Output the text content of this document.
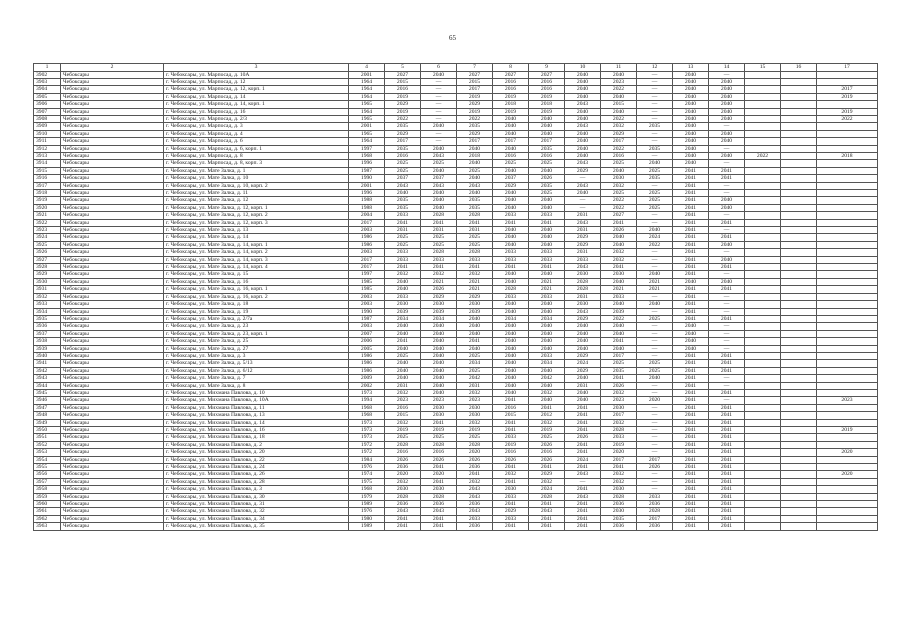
65
1	2	3	4	5	6	7	8	9	10	11	12	13	14	15	16	17
3902	Чебоксары	г. Чебоксары, ул. Марпосад, д. 10А	2001	2027	2040	2027	2027	2027	2040	2040	—	2040	—			
3903	Чебоксары	г. Чебоксары, ул. Марпосад, д. 12	1964	2015	—	2015	2016	2016	2040	2023	—	2040	2040			
3904	Чебоксары	г. Чебоксары, ул. Марпосад, д. 12, корп. 1	1964	2016	—	2017	2016	2016	2040	2022	—	2040	2040			2017
3905	Чебоксары	г. Чебоксары, ул. Марпосад, д. 14	1964	2019	—	2019	2019	2019	2040	2040	—	2040	2040			2019
3906	Чебоксары	г. Чебоксары, ул. Марпосад, д. 14, корп. 1	1965	2029	—	2029	2018	2018	2043	2015	—	2040	2040			
3907	Чебоксары	г. Чебоксары, ул. Марпосад, д. 16	1964	2019	—	2019	2019	2019	2040	2040	—	2040	2040			2019
3908	Чебоксары	г. Чебоксары, ул. Марпосад, д. 2/3	1965	2022	—	2022	2040	2040	2040	2022	—	2040	2040			2022
3909	Чебоксары	г. Чебоксары, ул. Марпосад, д. 3	2001	2035	2040	2035	2040	2040	2043	2032	2035	2040	—			
3910	Чебоксары	г. Чебоксары, ул. Марпосад, д. 4	1965	2029	—	2029	2040	2040	2040	2029	—	2040	2040			
3911	Чебоксары	г. Чебоксары, ул. Марпосад, д. 6	1964	2017	—	2017	2017	2017	2040	2017	—	2040	2040			
3912	Чебоксары	г. Чебоксары, ул. Марпосад, д. 6, корп. 1	1997	2035	2040	2040	2040	2035	2040	2022	2035	2040	—			
3913	Чебоксары	г. Чебоксары, ул. Марпосад, д. 8	1968	2016	2043	2018	2016	2016	2040	2016	—	2040	2040	2022		2018
3914	Чебоксары	г. Чебоксары, ул. Марпосад, д. 8, корп. 3	1996	2025	2025	2040	2025	2025	2043	2025	2040	2040	—			
3915	Чебоксары	г. Чебоксары, ул. Мате Залка, д. 1	1987	2025	2040	2025	2040	2040	2029	2040	2025	2041	2041			
3916	Чебоксары	г. Чебоксары, ул. Мате Залка, д. 10	1990	2037	2037	2040	2037	2026	—	2030	2035	2041	2041			
3917	Чебоксары	г. Чебоксары, ул. Мате Залка, д. 10, корп. 2	2001	2043	2043	2043	2029	2035	2043	2032	—	2041	—			
3918	Чебоксары	г. Чебоксары, ул. Мате Залка, д. 11	1996	2040	2040	2040	2040	2025	2040	2025	2025	2041	—			
3919	Чебоксары	г. Чебоксары, ул. Мате Залка, д. 12	1988	2035	2040	2035	2040	2040	—	2022	2025	2041	2040			
3920	Чебоксары	г. Чебоксары, ул. Мате Залка, д. 12, корп. 1	1988	2035	2040	2035	2040	2040	—	2022	2025	2041	2040			
3921	Чебоксары	г. Чебоксары, ул. Мате Залка, д. 12, корп. 2	2004	2033	2028	2028	2033	2033	2031	2027	—	2041	—			
3922	Чебоксары	г. Чебоксары, ул. Мате Залка, д. 12, корп. 3	2017	2041	2041	2041	2041	2041	2043	2041	—	2041	2041			
3923	Чебоксары	г. Чебоксары, ул. Мате Залка, д. 13	2003	2031	2031	2031	2040	2040	2031	2026	2040	2041	—			
3924	Чебоксары	г. Чебоксары, ул. Мате Залка, д. 14	1986	2025	2025	2025	2040	2040	2029	2040	2024	2041	2041			
3925	Чебоксары	г. Чебоксары, ул. Мате Залка, д. 14, корп. 1	1986	2025	2025	2025	2040	2040	2029	2040	2022	2041	2040			
3926	Чебоксары	г. Чебоксары, ул. Мате Залка, д. 14, корп. 2	2003	2033	2028	2028	2033	2033	2031	2032	—	2041	—			
3927	Чебоксары	г. Чебоксары, ул. Мате Залка, д. 14, корп. 3	2017	2033	2033	2033	2033	2033	2033	2032	—	2041	2040			
3928	Чебоксары	г. Чебоксары, ул. Мате Залка, д. 14, корп. 4	2017	2041	2041	2041	2041	2041	2043	2041	—	2041	2041			
3929	Чебоксары	г. Чебоксары, ул. Мате Залка, д. 15	1997	2032	2032	2032	2040	2040	2030	2030	2040	2041	—			
3930	Чебоксары	г. Чебоксары, ул. Мате Залка, д. 16	1985	2040	2021	2021	2040	2021	2028	2040	2021	2040	2040			
3931	Чебоксары	г. Чебоксары, ул. Мате Залка, д. 16, корп. 1	1985	2040	2026	2021	2028	2021	2028	2021	2021	2041	2041			
3932	Чебоксары	г. Чебоксары, ул. Мате Залка, д. 16, корп. 2	2003	2033	2029	2029	2033	2033	2031	2033	—	2041	—			
3933	Чебоксары	г. Чебоксары, ул. Мате Залка, д. 18	2003	2030	2030	2030	2040	2040	2030	2040	2040	2041	—			
3934	Чебоксары	г. Чебоксары, ул. Мате Залка, д. 19	1990	2039	2039	2039	2040	2040	2043	2039	—	2041	—			
3935	Чебоксары	г. Чебоксары, ул. Мате Залка, д. 2/7а	1987	2034	2034	2040	2034	2034	2029	2022	2025	2041	2041			
3936	Чебоксары	г. Чебоксары, ул. Мате Залка, д. 23	2003	2040	2040	2040	2040	2040	2040	2040	—	2040	—			
3937	Чебоксары	г. Чебоксары, ул. Мате Залка, д. 23, корп. 1	2007	2040	2040	2040	2040	2040	2040	2040	—	2040	—			
3938	Чебоксары	г. Чебоксары, ул. Мате Залка, д. 25	2006	2041	2040	2041	2040	2040	2040	2041	—	2040	—			
3939	Чебоксары	г. Чебоксары, ул. Мате Залка, д. 27	2005	2040	2040	2040	2040	2040	2040	2040	—	2040	—			
3940	Чебоксары	г. Чебоксары, ул. Мате Залка, д. 3	1986	2025	2040	2025	2040	2033	2029	2017	—	2041	2041			
3941	Чебоксары	г. Чебоксары, ул. Мате Залка, д. 5/13	1986	2040	2040	2034	2040	2034	2024	2025	2025	2041	2041			
3942	Чебоксары	г. Чебоксары, ул. Мате Залка, д. 6/12	1986	2040	2040	2025	2040	2040	2029	2035	2025	2041	2041			
3943	Чебоксары	г. Чебоксары, ул. Мате Залка, д. 7	2009	2040	2040	2042	2040	2042	2040	2041	2040	2041	—			
3944	Чебоксары	г. Чебоксары, ул. Мате Залка, д. 8	2002	2031	2040	2031	2040	2040	2031	2026	—	2041	—			
3945	Чебоксары	г. Чебоксары, ул. Михмана Павлова, д. 10	1973	2032	2040	2032	2040	2032	2040	2032	—	2041	2041			
3946	Чебоксары	г. Чебоксары, ул. Михмана Павлова, д. 10А	1994	2023	2023	2023	2041	2040	2040	2023	2020	2041	—			2023
3947	Чебоксары	г. Чебоксары, ул. Михмана Павлова, д. 11	1968	2016	2030	2030	2016	2041	2041	2030	—	2041	2041			
3948	Чебоксары	г. Чебоксары, ул. Михмана Павлова, д. 13	1968	2015	2030	2030	2015	2012	2041	2017	—	2041	2041			
3949	Чебоксары	г. Чебоксары, ул. Михмана Павлова, д. 14	1973	2032	2041	2032	2041	2032	2041	2032	—	2041	2041			
3950	Чебоксары	г. Чебоксары, ул. Михмана Павлова, д. 16	1973	2019	2019	2019	2041	2019	2041	2028	—	2041	2041			2019
3951	Чебоксары	г. Чебоксары, ул. Михмана Павлова, д. 18	1973	2025	2025	2025	2033	2025	2026	2033	—	2041	2041			
3952	Чебоксары	г. Чебоксары, ул. Михмана Павлова, д. 2	1972	2028	2028	2028	2019	2026	2041	2019	—	2041	2041			
3953	Чебоксары	г. Чебоксары, ул. Михмана Павлова, д. 20	1972	2016	2016	2020	2016	2016	2041	2020	—	2041	2041			2020
3954	Чебоксары	г. Чебоксары, ул. Михмана Павлова, д. 22	1984	2026	2026	2026	2026	2026	2024	2017	2017	2041	2041			
3955	Чебоксары	г. Чебоксары, ул. Михмана Павлова, д. 24	1976	2036	2041	2036	2041	2041	2041	2041	2026	2041	2041			
3956	Чебоксары	г. Чебоксары, ул. Михмана Павлова, д. 26	1974	2020	2020	2041	2032	2029	2043	2032	—	2041	2041			2020
3957	Чебоксары	г. Чебоксары, ул. Михмана Павлова, д. 28	1975	2032	2041	2032	2041	2032	—	2032	—	2041	2041			
3958	Чебоксары	г. Чебоксары, ул. Михмана Павлова, д. 3	1968	2030	2030	2043	2030	2024	2041	2030	—	2041	2041			
3959	Чебоксары	г. Чебоксары, ул. Михмана Павлова, д. 30	1979	2028	2028	2043	2033	2028	2043	2028	2033	2041	2041			
3960	Чебоксары	г. Чебоксары, ул. Михмана Павлова, д. 31	1989	2036	2036	2036	2041	2041	2041	2036	2036	2041	2041			
3961	Чебоксары	г. Чебоксары, ул. Михмана Павлова, д. 32	1976	2043	2043	2043	2029	2043	2041	2030	2028	2041	2041			
3962	Чебоксары	г. Чебоксары, ул. Михмана Павлова, д. 34	1980	2041	2041	2033	2033	2041	2041	2035	2017	2041	2041			
3963	Чебоксары	г. Чебоксары, ул. Михмана Павлова, д. 35	1989	2041	2041	2036	2041	2041	2041	2036	2036	2041	2041			
